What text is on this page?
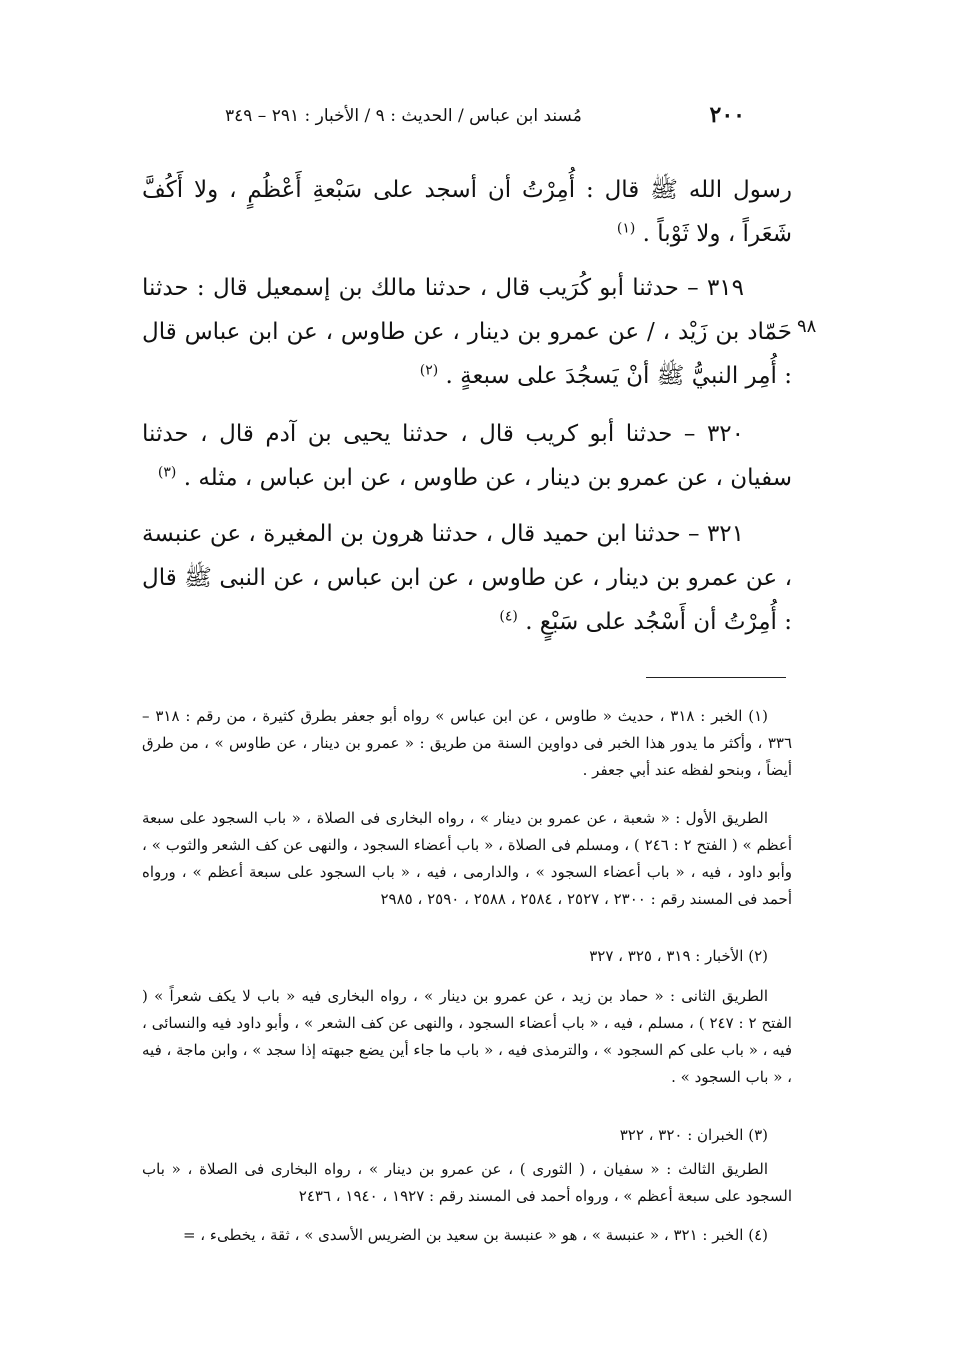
٢٠٠
مُسند ابن عباس / الحديث : ٩ / الأخبار : ٢٩١ – ٣٤٩
٩٨
رسول الله ﷺ قال : أُمِرْتُ أن أسجد على سَبْعةِ أَعْظُمٍ ، ولا أَكُفَّ شَعَراً ، ولا ثَوْباً . $^{(١)}$
٣١٩ – حدثنا أبو كُرَيب قال ، حدثنا مالك بن إسمعيل قال : حدثنا حَمّاد بن زَيْد ، / عن عمرو بن دينار ، عن طاوس ، عن ابن عباس قال : أُمِر النبيُّ ﷺ أنْ يَسجُدَ على سبعةٍ . $^{(٢)}$
٣٢٠ – حدثنا أبو كريب قال ، حدثنا يحيى بن آدم قال ، حدثنا سفيان ، عن عمرو بن دينار ، عن طاوس ، عن ابن عباس ، مثله . $^{(٣)}$
٣٢١ – حدثنا ابن حميد قال ، حدثنا هرون بن المغيرة ، عن عنبسة ، عن عمرو بن دينار ، عن طاوس ، عن ابن عباس ، عن النبى ﷺ قال : أُمِرْتُ أن أَسْجُد على سَبْعٍ . $^{(٤)}$

(١) الخبر : ٣١٨ ، حديث « طاوس ، عن ابن عباس » رواه أبو جعفر بطرق كثيرة ، من رقم : ٣١٨ – ٣٣٦ ، وأكثر ما يدور هذا الخبر فى دواوين السنة من طريق : « عمرو بن دينار ، عن طاوس » ، من طرق أيضاً ، وبنحو لفظه عند أبي جعفر .

الطريق الأول : « شعبة ، عن عمرو بن دينار » ، رواه البخارى فى الصلاة ، « باب السجود على سبعة أعظم » ( الفتح ٢ : ٢٤٦ ) ، ومسلم فى الصلاة ، « باب أعضاء السجود ، والنهى عن كف الشعر والثوب » ، وأبو داود ، فيه ، « باب أعضاء السجود » ، والدارمى ، فيه ، « باب السجود على سبعة أعظم » ، ورواه أحمد فى المسند رقم : ٢٣٠٠ ، ٢٥٢٧ ، ٢٥٨٤ ، ٢٥٨٨ ، ٢٥٩٠ ، ٢٩٨٥

(٢) الأخبار : ٣١٩ ، ٣٢٥ ، ٣٢٧

الطريق الثانى : « حماد بن زيد ، عن عمرو بن دينار » ، رواه البخارى فيه « باب لا يكف شعراً » ( الفتح ٢ : ٢٤٧ ) ، مسلم ، فيه ، « باب أعضاء السجود ، والنهى عن كف الشعر » ، وأبو داود فيه والنسائى ، فيه ، « باب على كم السجود » ، والترمذى فيه ، « باب ما جاء أين يضع جبهته إذا سجد » ، وابن ماجة ، فيه ، « باب السجود » .

(٣) الخبران : ٣٢٠ ، ٣٢٢

الطريق الثالث : « سفيان ، ( الثورى ) ، عن عمرو بن دينار » ، رواه البخارى فى الصلاة ، « باب السجود على سبعة أعظم » ، ورواه أحمد فى المسند رقم : ١٩٢٧ ، ١٩٤٠ ، ٢٤٣٦

(٤) الخبر : ٣٢١ ، « عنبسة » ، هو « عنبسة بن سعيد بن الضريس الأسدى » ، ثقة ، يخطىء ، =
